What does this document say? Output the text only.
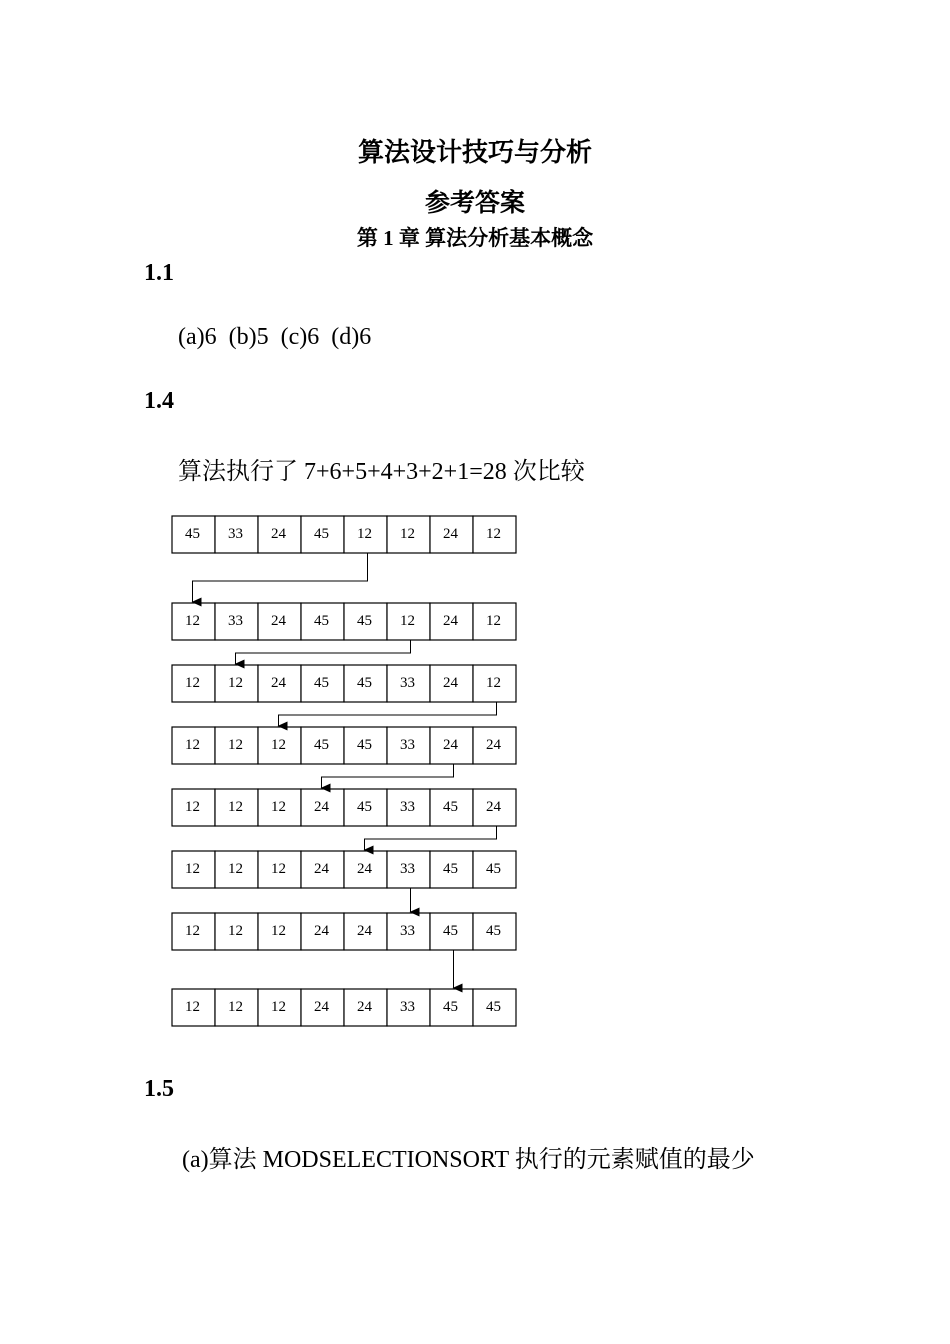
算法设计技巧与分析
参考答案
第 1 章 算法分析基本概念
1.1
(a)6  (b)5  (c)6  (d)6
1.4
算法执行了 7+6+5+4+3+2+1=28 次比较
45 33 24 45 12 12 24 12
12 33 24 45 45 12 24 12
12 12 24 45 45 33 24 12
12 12 12 45 45 33 24 24
12 12 12 24 45 33 45 24
12 12 12 24 24 33 45 45
12 12 12 24 24 33 45 45
12 12 12 24 24 33 45 45
1.5
(a)算法 MODSELECTIONSORT 执行的元素赋值的最少
